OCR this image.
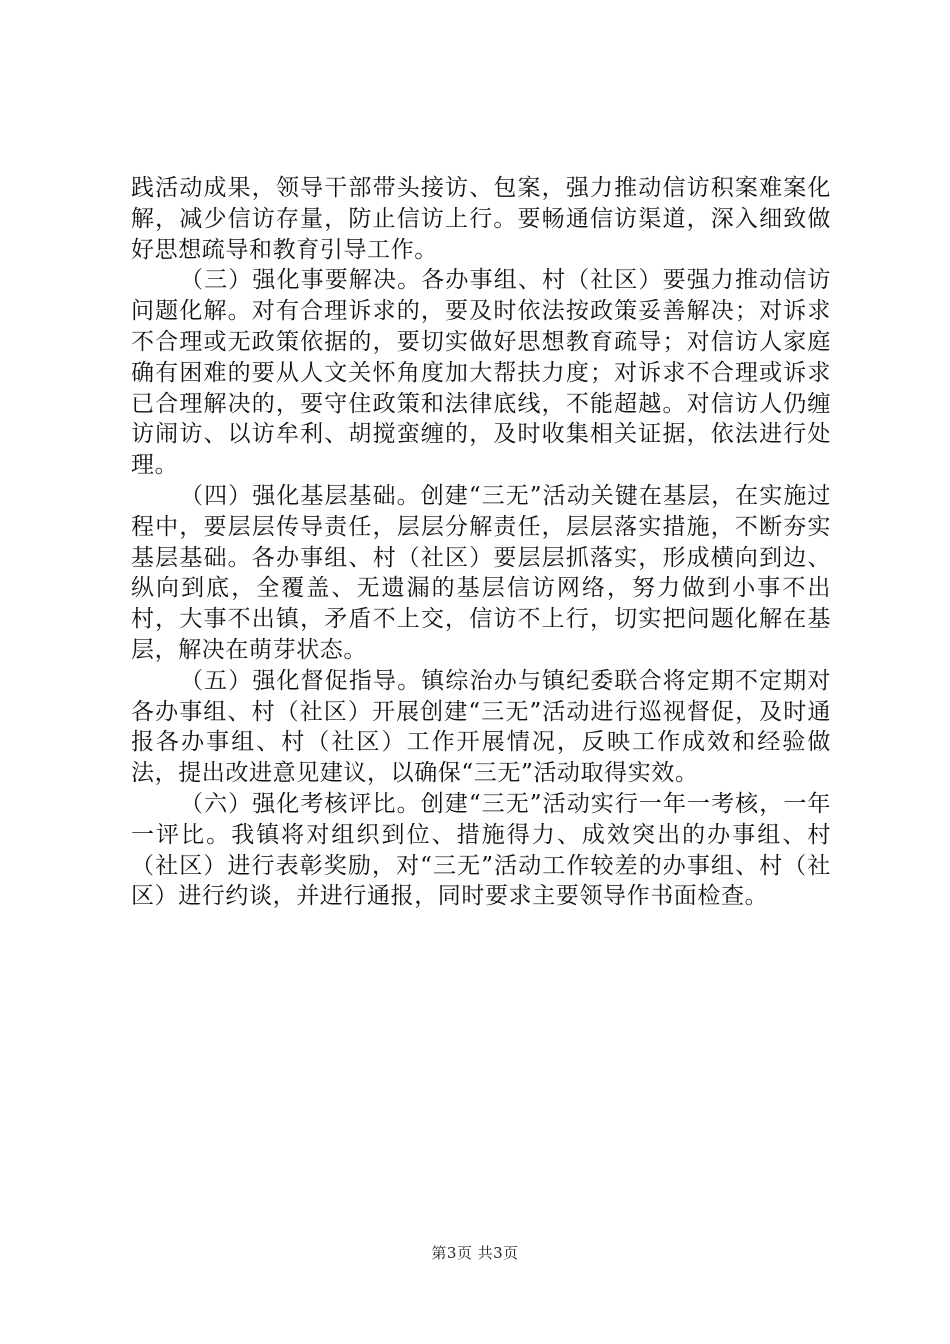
践活动成果，领导干部带头接访、包案，强力推动信访积案难案化解，减少信访存量，防止信访上行。要畅通信访渠道，深入细致做好思想疏导和教育引导工作。

（三）强化事要解决。各办事组、村（社区）要强力推动信访问题化解。对有合理诉求的，要及时依法按政策妥善解决；对诉求不合理或无政策依据的，要切实做好思想教育疏导；对信访人家庭确有困难的要从人文关怀角度加大帮扶力度；对诉求不合理或诉求已合理解决的，要守住政策和法律底线，不能超越。对信访人仍缠访闹访、以访牟利、胡搅蛮缠的，及时收集相关证据，依法进行处理。

（四）强化基层基础。创建“三无”活动关键在基层，在实施过程中，要层层传导责任，层层分解责任，层层落实措施，不断夯实基层基础。各办事组、村（社区）要层层抓落实，形成横向到边、纵向到底，全覆盖、无遗漏的基层信访网络，努力做到小事不出村，大事不出镇，矛盾不上交，信访不上行，切实把问题化解在基层，解决在萌芽状态。

（五）强化督促指导。镇综治办与镇纪委联合将定期不定期对各办事组、村（社区）开展创建“三无”活动进行巡视督促，及时通报各办事组、村（社区）工作开展情况，反映工作成效和经验做法，提出改进意见建议，以确保“三无”活动取得实效。

（六）强化考核评比。创建“三无”活动实行一年一考核，一年一评比。我镇将对组织到位、措施得力、成效突出的办事组、村（社区）进行表彰奖励，对“三无”活动工作较差的办事组、村（社区）进行约谈，并进行通报，同时要求主要领导作书面检查。

第3页 共3页
